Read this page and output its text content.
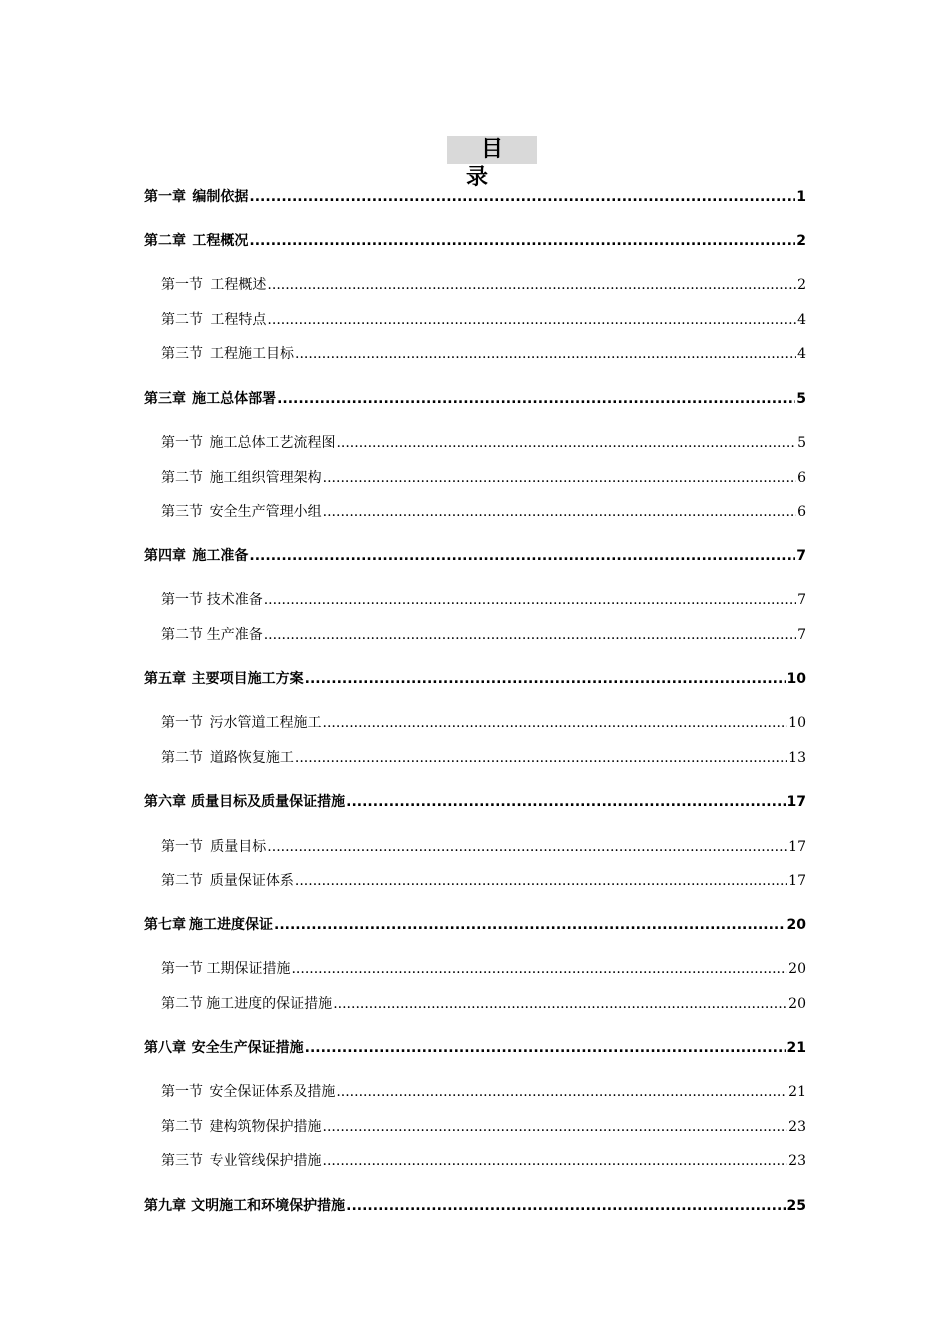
目录
第一章 编制依据 .....	1
第二章 工程概况 .....	2
第一节 工程概述 .....	2
第二节 工程特点 .....	4
第三节 工程施工目标 .....	4
第三章 施工总体部署 .....	5
第一节 施工总体工艺流程图 .....	5
第二节 施工组织管理架构 .....	6
第三节 安全生产管理小组 .....	6
第四章 施工准备 .....	7
第一节 技术准备 .....	7
第二节 生产准备 .....	7
第五章 主要项目施工方案 .....	10
第一节 污水管道工程施工 .....	10
第二节 道路恢复施工 .....	13
第六章 质量目标及质量保证措施 .....	17
第一节 质量目标 .....	17
第二节 质量保证体系 .....	17
第七章 施工进度保证 .....	20
第一节 工期保证措施 .....	20
第二节 施工进度的保证措施 .....	20
第八章 安全生产保证措施 .....	21
第一节 安全保证体系及措施 .....	21
第二节 建构筑物保护措施 .....	23
第三节 专业管线保护措施 .....	23
第九章 文明施工和环境保护措施 .....	25
